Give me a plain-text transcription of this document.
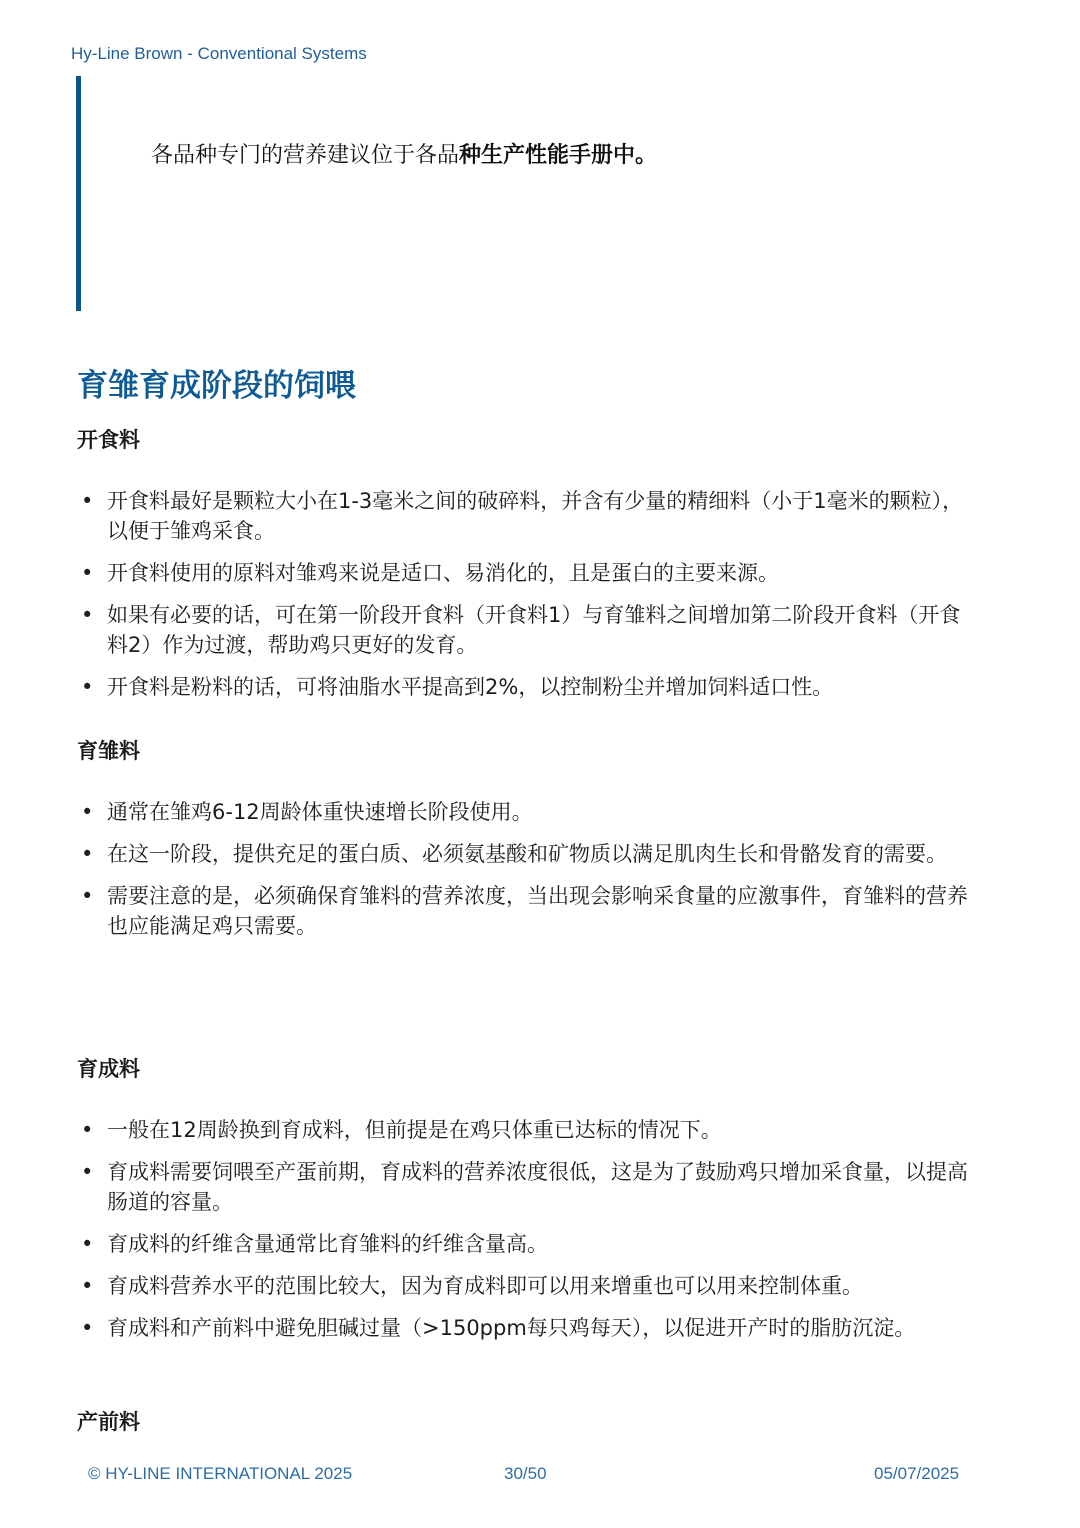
Hy-Line Brown - Conventional Systems
各品种专门的营养建议位于各品种生产性能手册中。
育雏育成阶段的饲喂
开食料
• 开食料最好是颗粒大小在1-3毫米之间的破碎料，并含有少量的精细料（小于1毫米的颗粒），以便于雏鸡采食。
• 开食料使用的原料对雏鸡来说是适口、易消化的，且是蛋白的主要来源。
• 如果有必要的话，可在第一阶段开食料（开食料1）与育雏料之间增加第二阶段开食料（开食料2）作为过渡，帮助鸡只更好的发育。
• 开食料是粉料的话，可将油脂水平提高到2%，以控制粉尘并增加饲料适口性。
育雏料
• 通常在雏鸡6-12周龄体重快速增长阶段使用。
• 在这一阶段，提供充足的蛋白质、必须氨基酸和矿物质以满足肌肉生长和骨骼发育的需要。
• 需要注意的是，必须确保育雏料的营养浓度，当出现会影响采食量的应激事件，育雏料的营养也应能满足鸡只需要。
育成料
• 一般在12周龄换到育成料，但前提是在鸡只体重已达标的情况下。
• 育成料需要饲喂至产蛋前期，育成料的营养浓度很低，这是为了鼓励鸡只增加采食量，以提高肠道的容量。
• 育成料的纤维含量通常比育雏料的纤维含量高。
• 育成料营养水平的范围比较大，因为育成料即可以用来增重也可以用来控制体重。
• 育成料和产前料中避免胆碱过量（>150ppm每只鸡每天），以促进开产时的脂肪沉淀。
产前料
© HY-LINE INTERNATIONAL 2025	30/50	05/07/2025
